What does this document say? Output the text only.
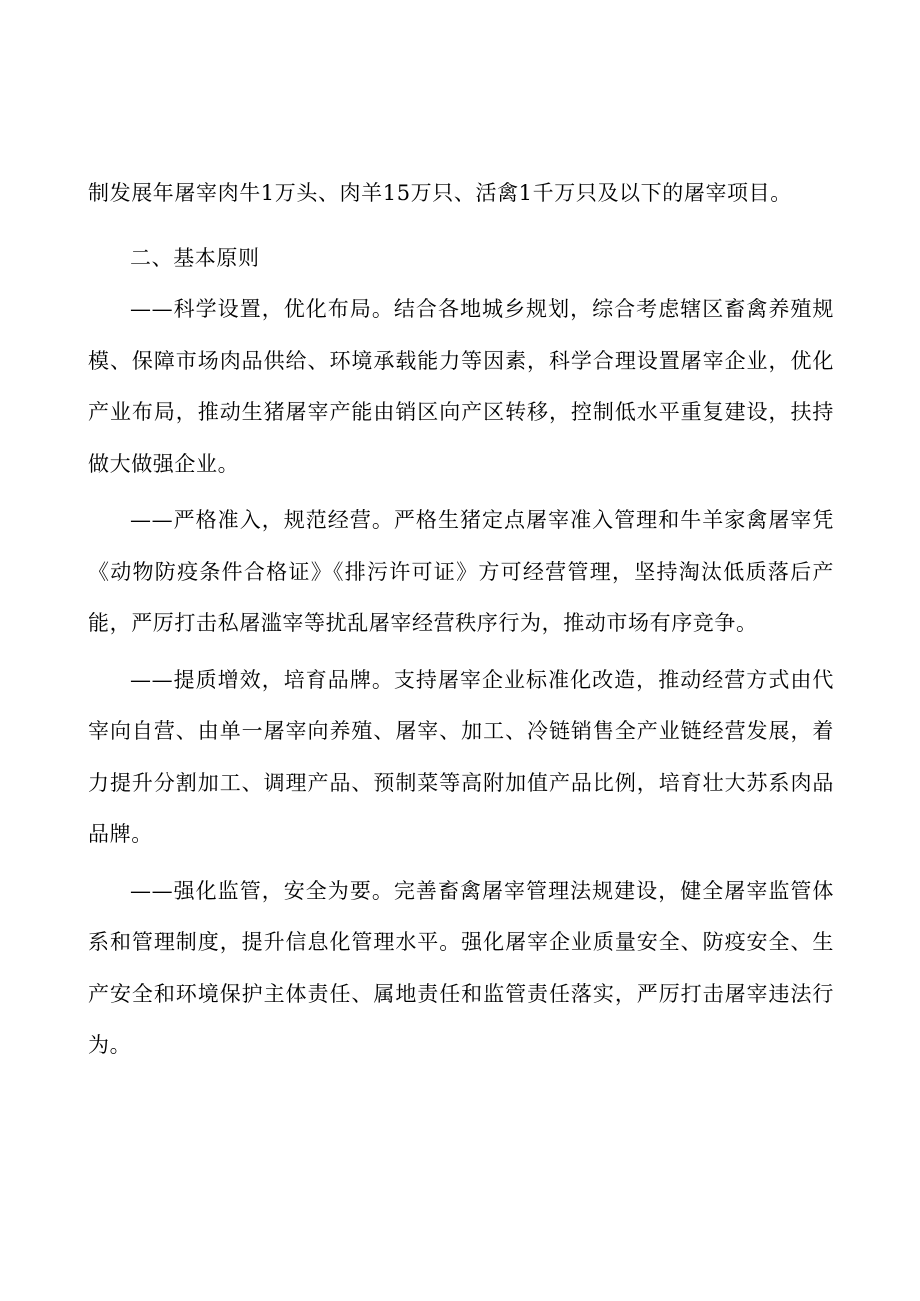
制发展年屠宰肉牛1万头、肉羊15万只、活禽1千万只及以下的屠宰项目。

二、基本原则

——科学设置，优化布局。结合各地城乡规划，综合考虑辖区畜禽养殖规模、保障市场肉品供给、环境承载能力等因素，科学合理设置屠宰企业，优化产业布局，推动生猪屠宰产能由销区向产区转移，控制低水平重复建设，扶持做大做强企业。

——严格准入，规范经营。严格生猪定点屠宰准入管理和牛羊家禽屠宰凭《动物防疫条件合格证》《排污许可证》方可经营管理，坚持淘汰低质落后产能，严厉打击私屠滥宰等扰乱屠宰经营秩序行为，推动市场有序竞争。

——提质增效，培育品牌。支持屠宰企业标准化改造，推动经营方式由代宰向自营、由单一屠宰向养殖、屠宰、加工、冷链销售全产业链经营发展，着力提升分割加工、调理产品、预制菜等高附加值产品比例，培育壮大苏系肉品品牌。

——强化监管，安全为要。完善畜禽屠宰管理法规建设，健全屠宰监管体系和管理制度，提升信息化管理水平。强化屠宰企业质量安全、防疫安全、生产安全和环境保护主体责任、属地责任和监管责任落实，严厉打击屠宰违法行为。
